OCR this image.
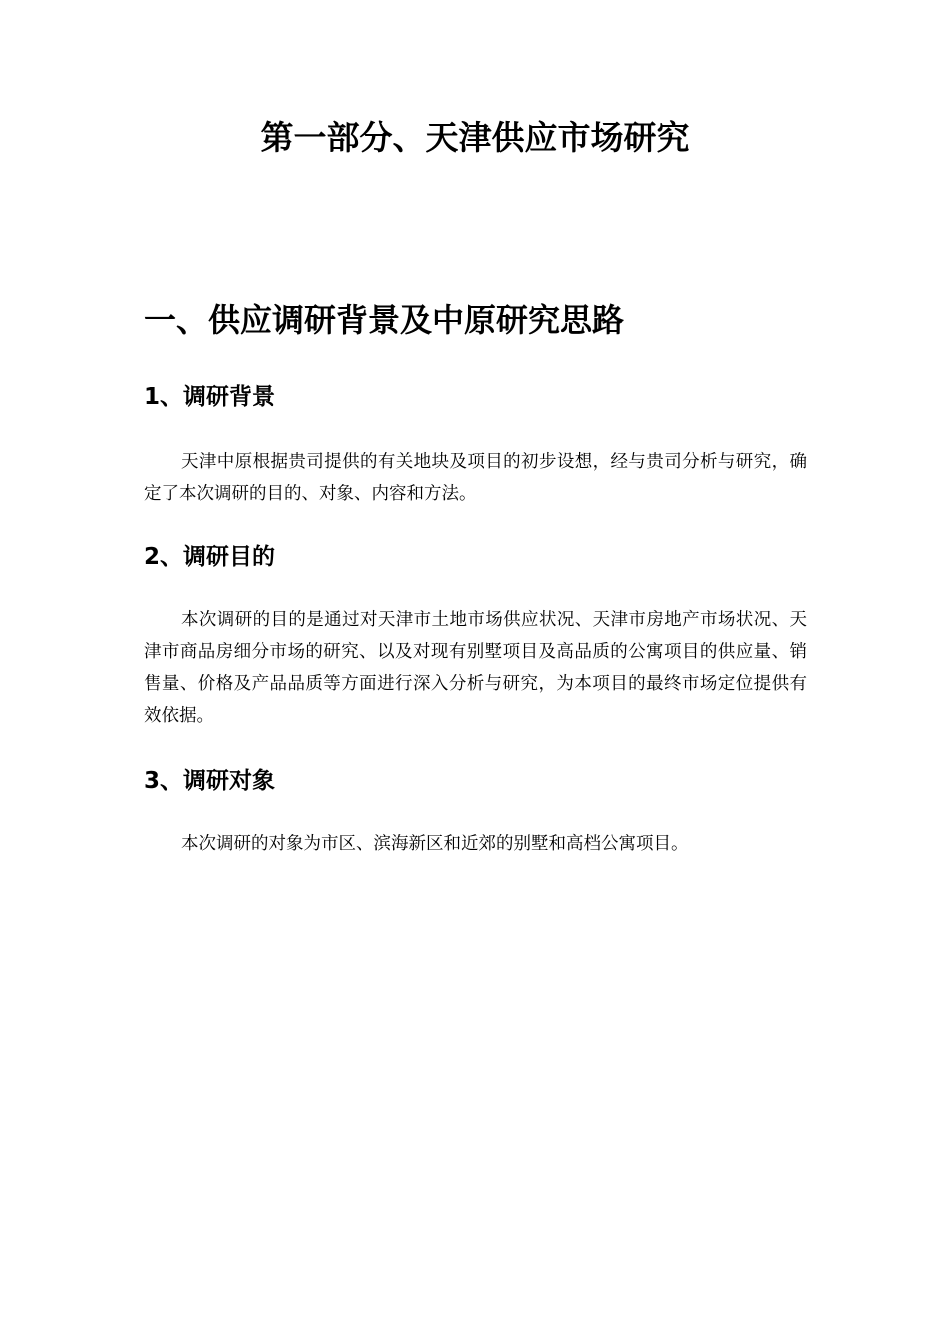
第一部分、天津供应市场研究
一、供应调研背景及中原研究思路
1、调研背景

天津中原根据贵司提供的有关地块及项目的初步设想，经与贵司分析与研究，确定了本次调研的目的、对象、内容和方法。

2、调研目的

本次调研的目的是通过对天津市土地市场供应状况、天津市房地产市场状况、天津市商品房细分市场的研究、以及对现有别墅项目及高品质的公寓项目的供应量、销售量、价格及产品品质等方面进行深入分析与研究，为本项目的最终市场定位提供有效依据。

3、调研对象

本次调研的对象为市区、滨海新区和近郊的别墅和高档公寓项目。
